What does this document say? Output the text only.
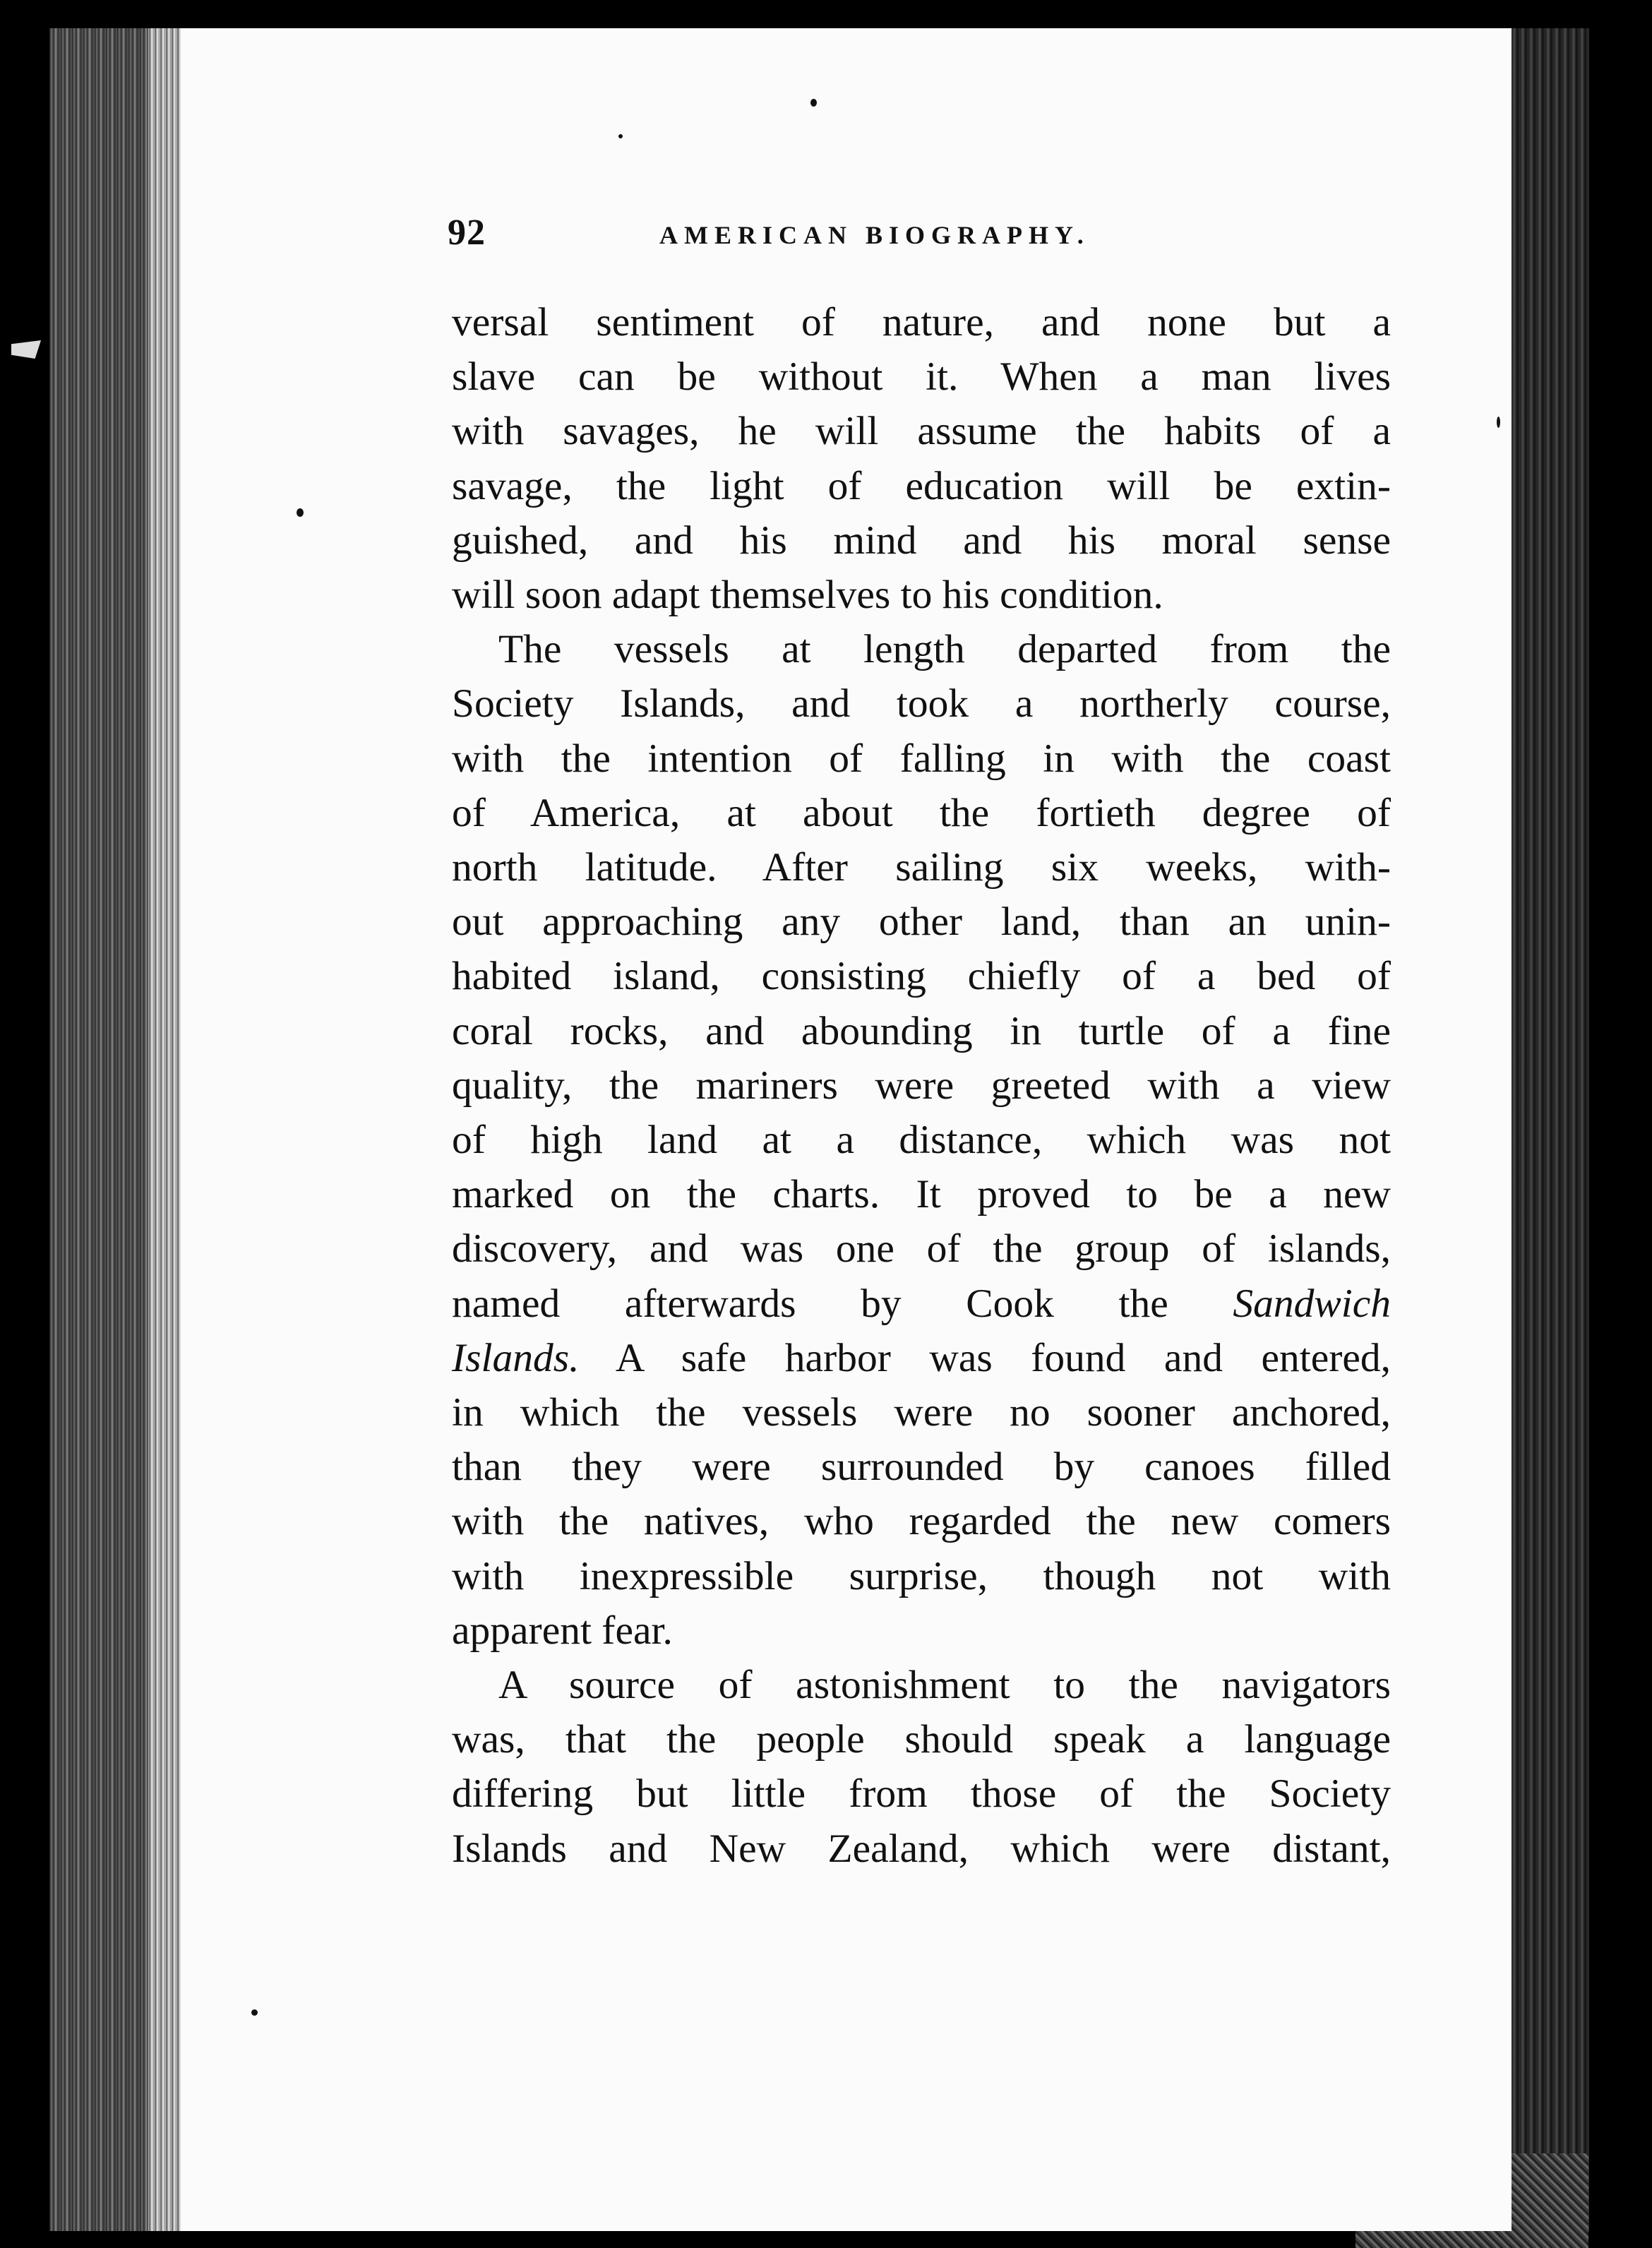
92	AMERICAN BIOGRAPHY.
versal sentiment of nature, and none but a
slave can be without it. When a man lives
with savages, he will assume the habits of a
savage, the light of education will be extin-
guished, and his mind and his moral sense
will soon adapt themselves to his condition.
The vessels at length departed from the
Society Islands, and took a northerly course,
with the intention of falling in with the coast
of America, at about the fortieth degree of
north latitude. After sailing six weeks, with-
out approaching any other land, than an unin-
habited island, consisting chiefly of a bed of
coral rocks, and abounding in turtle of a fine
quality, the mariners were greeted with a view
of high land at a distance, which was not
marked on the charts. It proved to be a new
discovery, and was one of the group of islands,
named afterwards by Cook the Sandwich
Islands. A safe harbor was found and entered,
in which the vessels were no sooner anchored,
than they were surrounded by canoes filled
with the natives, who regarded the new comers
with inexpressible surprise, though not with
apparent fear.
A source of astonishment to the navigators
was, that the people should speak a language
differing but little from those of the Society
Islands and New Zealand, which were distant,
